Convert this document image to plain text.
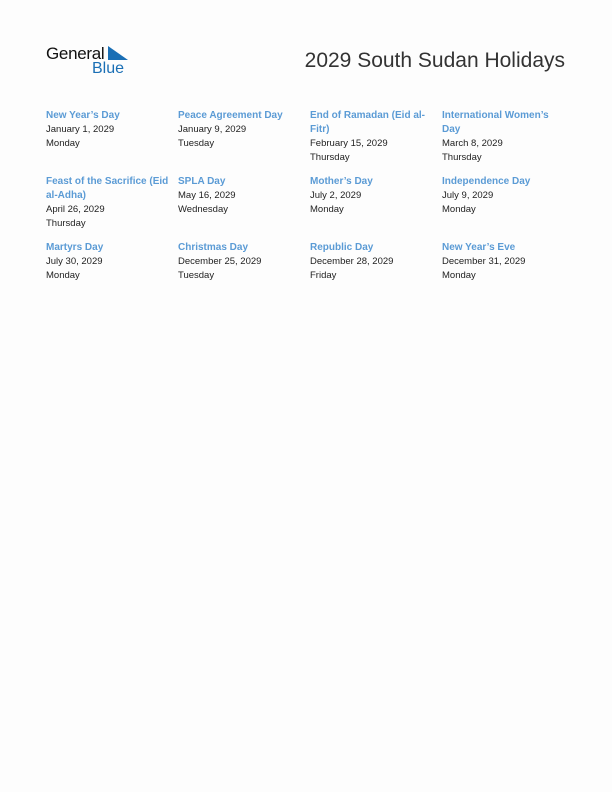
General
Blue	2029 South Sudan Holidays
New Year’s Day
January 1, 2029
Monday
Peace Agreement Day
January 9, 2029
Tuesday
End of Ramadan (Eid al-Fitr)
February 15, 2029
Thursday
International Women’s Day
March 8, 2029
Thursday
Feast of the Sacrifice (Eid al-Adha)
April 26, 2029
Thursday
SPLA Day
May 16, 2029
Wednesday
Mother’s Day
July 2, 2029
Monday
Independence Day
July 9, 2029
Monday
Martyrs Day
July 30, 2029
Monday
Christmas Day
December 25, 2029
Tuesday
Republic Day
December 28, 2029
Friday
New Year’s Eve
December 31, 2029
Monday
